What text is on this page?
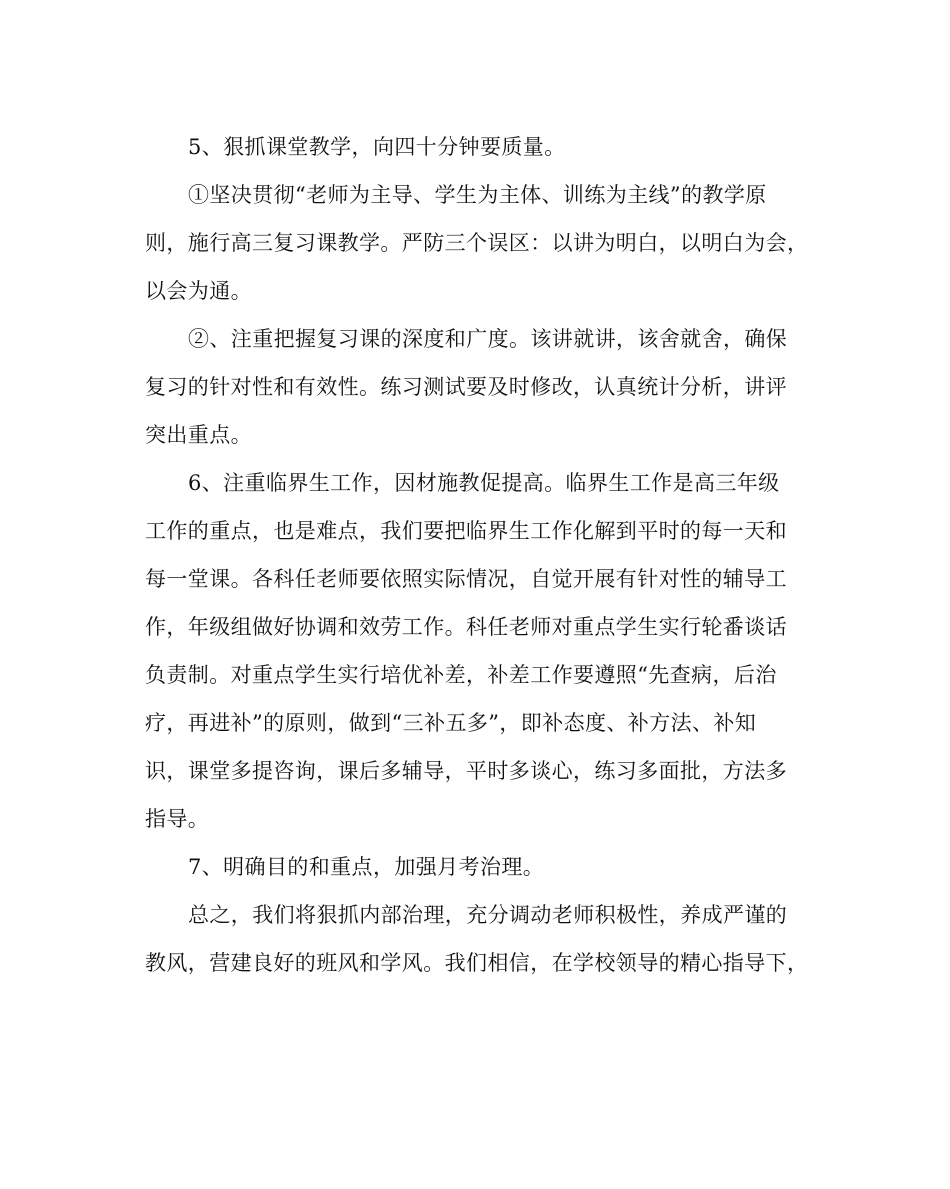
5、狠抓课堂教学，向四十分钟要质量。
①坚决贯彻“老师为主导、学生为主体、训练为主线”的教学原
则，施行高三复习课教学。严防三个误区：以讲为明白，以明白为会，
以会为通。
②、注重把握复习课的深度和广度。该讲就讲，该舍就舍，确保
复习的针对性和有效性。练习测试要及时修改，认真统计分析，讲评
突出重点。
6、注重临界生工作，因材施教促提高。临界生工作是高三年级
工作的重点，也是难点，我们要把临界生工作化解到平时的每一天和
每一堂课。各科任老师要依照实际情况，自觉开展有针对性的辅导工
作，年级组做好协调和效劳工作。科任老师对重点学生实行轮番谈话
负责制。对重点学生实行培优补差，补差工作要遵照“先查病，后治
疗，再进补”的原则，做到“三补五多”，即补态度、补方法、补知
识，课堂多提咨询，课后多辅导，平时多谈心，练习多面批，方法多
指导。
7、明确目的和重点，加强月考治理。
总之，我们将狠抓内部治理，充分调动老师积极性，养成严谨的
教风，营建良好的班风和学风。我们相信，在学校领导的精心指导下，
